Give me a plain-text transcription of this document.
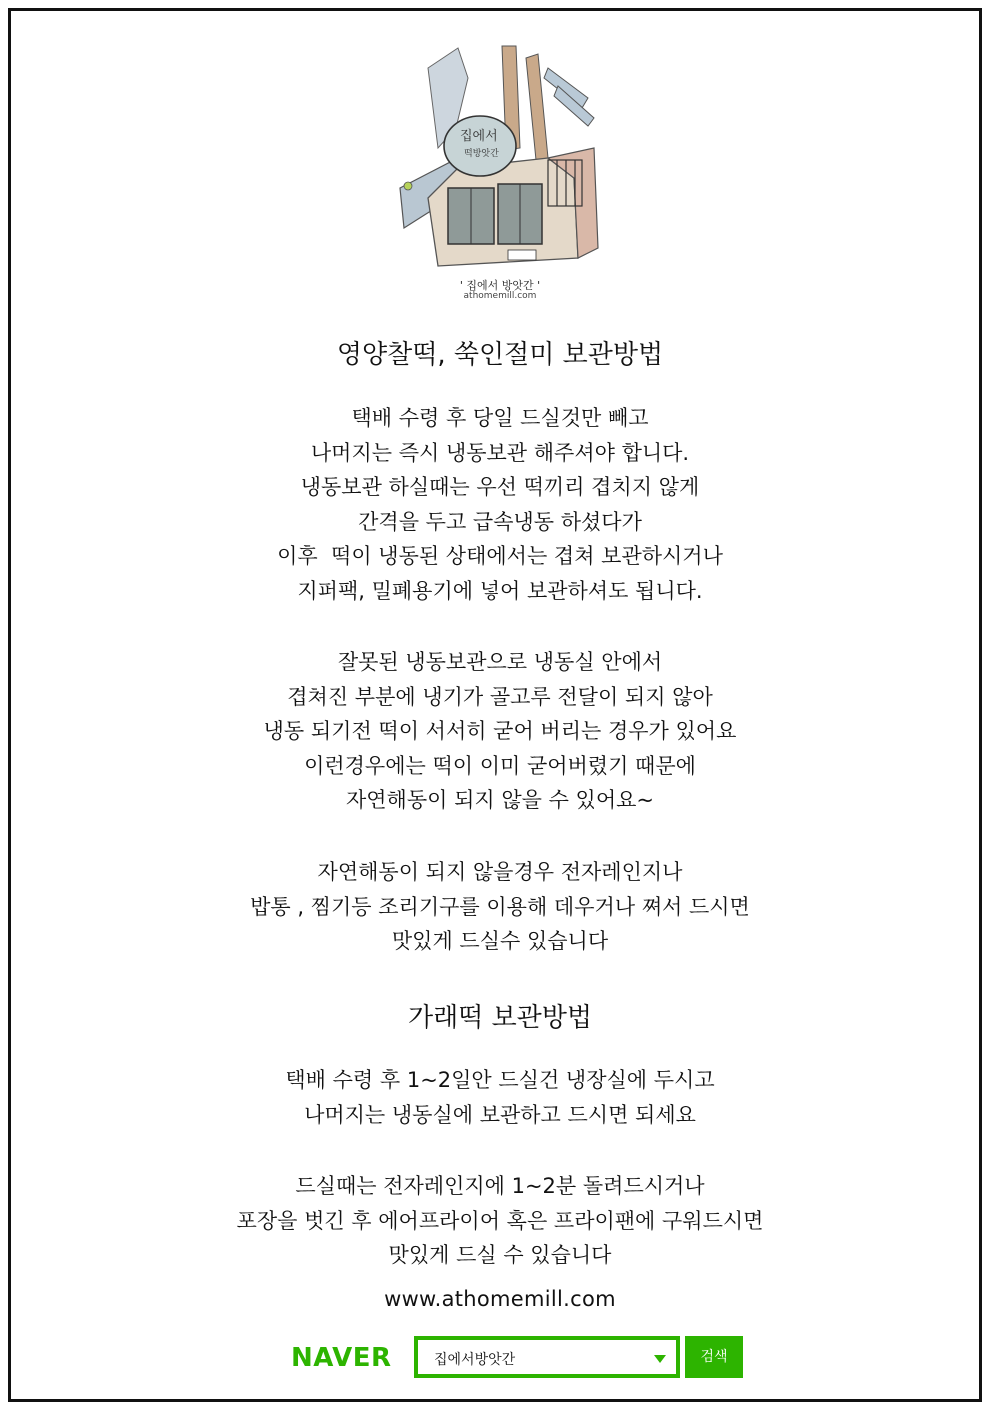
집에서
떡방앗간
' 집에서 방앗간 '
athomemill.com
영양찰떡, 쑥인절미 보관방법
택배 수령 후 당일 드실것만 빼고
나머지는 즉시 냉동보관 해주셔야 합니다.
냉동보관 하실때는 우선 떡끼리 겹치지 않게
간격을 두고 급속냉동 하셨다가
이후  떡이 냉동된 상태에서는 겹쳐 보관하시거나
지퍼팩, 밀폐용기에 넣어 보관하셔도 됩니다.
잘못된 냉동보관으로 냉동실 안에서
겹쳐진 부분에 냉기가 골고루 전달이 되지 않아
냉동 되기전 떡이 서서히 굳어 버리는 경우가 있어요
이런경우에는 떡이 이미 굳어버렸기 때문에
자연해동이 되지 않을 수 있어요~
자연해동이 되지 않을경우 전자레인지나
밥통 , 찜기등 조리기구를 이용해 데우거나 쪄서 드시면
맛있게 드실수 있습니다
가래떡 보관방법
택배 수령 후 1~2일안 드실건 냉장실에 두시고
나머지는 냉동실에 보관하고 드시면 되세요
드실때는 전자레인지에 1~2분 돌려드시거나
포장을 벗긴 후 에어프라이어 혹은 프라이팬에 구워드시면
맛있게 드실 수 있습니다
www.athomemill.com
NAVER	집에서방앗간	검색
